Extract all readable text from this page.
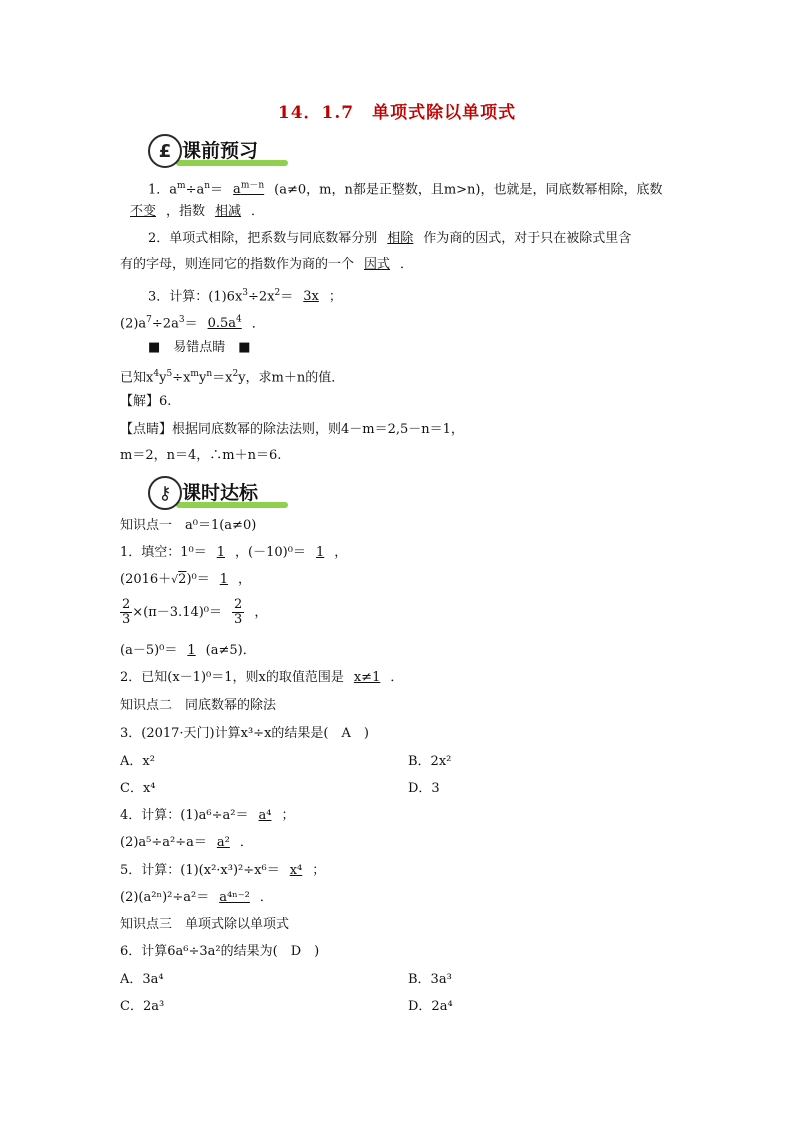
14．1.7　单项式除以单项式
£ 课前预习
1．$a^m\div a^n= a^{m-n}$ (a≠0，m，n都是正整数，且m>n)，也就是，同底数幂相除，底数
不变 ，指数 相减 ．
2．单项式相除，把系数与同底数幂分别 相除 作为商的因式，对于只在被除式里含
有的字母，则连同它的指数作为商的一个 因式 ．
3．计算：$(1)6x^3\div 2x^2= 3x$ ；
$(2)a^7\div 2a^3= 0.5a^4$ ．
■　易错点睛　■
已知$x^4y^5\div x^my^n=x^2y$，求m＋n的值．
【解】6.
【点睛】根据同底数幂的除法法则，则4－m＝2,5－n＝1，
m＝2，n＝4，∴m＋n＝6.
⚷ 课时达标
知识点一　a⁰＝1(a≠0)
1．填空：1⁰＝ 1 ，(－10)⁰＝ 1 ，
(2016＋√2)⁰＝ 1 ，
$\frac{2}{3} \times(\pi-3.14)^0= \frac{2}{3}$ ，
(a－5)⁰＝ 1 (a≠5)．
2．已知(x－1)⁰＝1，则x的取值范围是 x≠1 ．
知识点二　同底数幂的除法
3．(2017·天门)计算x³÷x的结果是(　A　)
A．x²	B．2x²
C．x⁴	D．3
4．计算：(1)a⁶÷a²＝ a⁴ ；
(2)a⁵÷a²÷a＝ a² ．
5．计算：(1)(x²·x³)²÷x⁶＝ x⁴ ；
(2)(a²ⁿ)²÷a²＝ a⁴ⁿ⁻² ．
知识点三　单项式除以单项式
6．计算6a⁶÷3a²的结果为(　D　)
A．3a⁴	B．3a³
C．2a³	D．2a⁴
